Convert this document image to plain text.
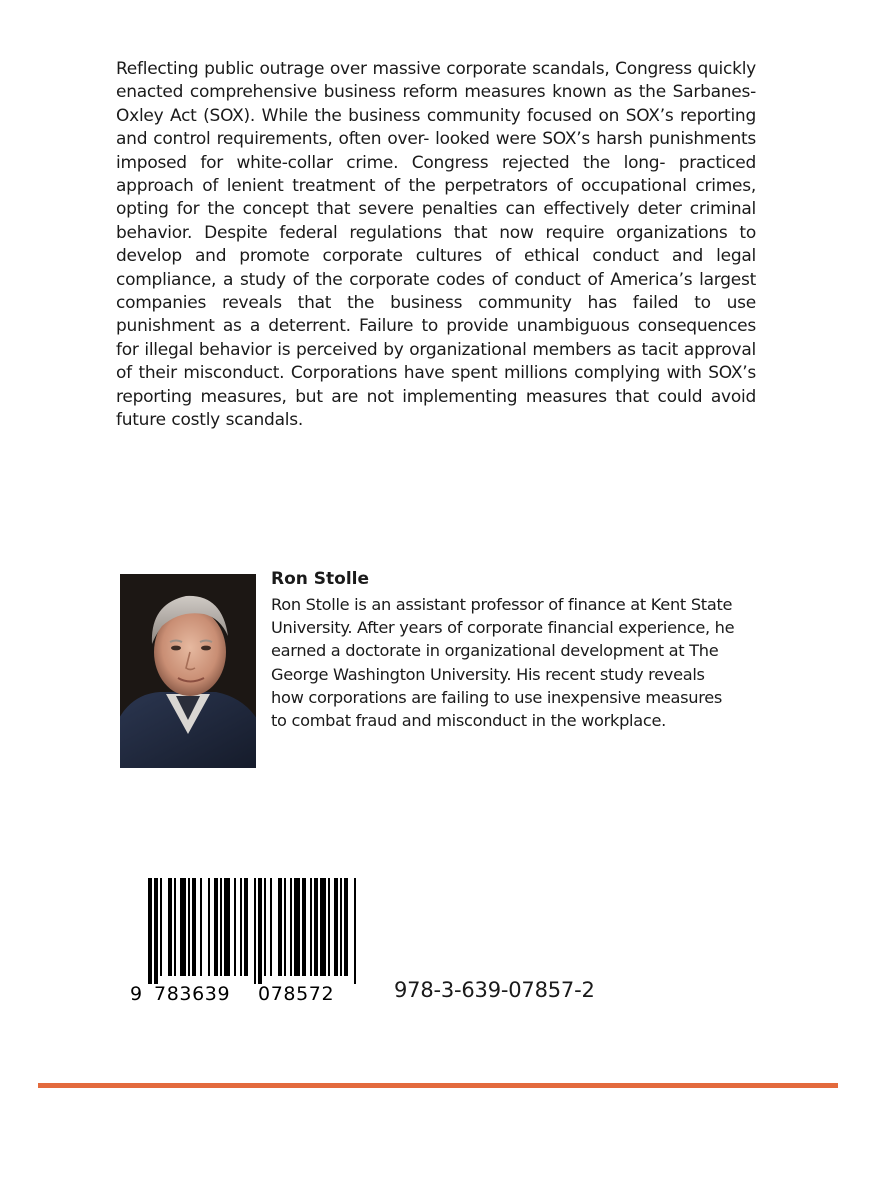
Reflecting public outrage over massive corporate scandals, Congress quickly enacted comprehensive business reform measures known as the Sarbanes-Oxley Act (SOX). While the business community focused on SOX’s reporting and control requirements, often over- looked were SOX’s harsh punishments imposed for white-collar crime. Congress rejected the long- practiced approach of lenient treatment of the perpetrators of occupational crimes, opting for the concept that severe penalties can effectively deter criminal behavior. Despite federal regulations that now require organizations to develop and promote corporate cultures of ethical conduct and legal compliance, a study of the corporate codes of conduct of America’s largest companies reveals that the business community has failed to use punishment as a deterrent. Failure to provide unambiguous consequences for illegal behavior is perceived by organizational members as tacit approval of their misconduct. Corporations have spent millions complying with SOX’s reporting measures, but are not implementing measures that could avoid future costly scandals.

Ron Stolle

Ron Stolle is an assistant professor of finance at Kent State University. After years of corporate financial experience, he earned a doctorate in organizational development at The George Washington University. His recent study reveals how corporations are failing to use inexpensive measures to combat fraud and misconduct in the workplace.

9 783639 078572	978-3-639-07857-2
